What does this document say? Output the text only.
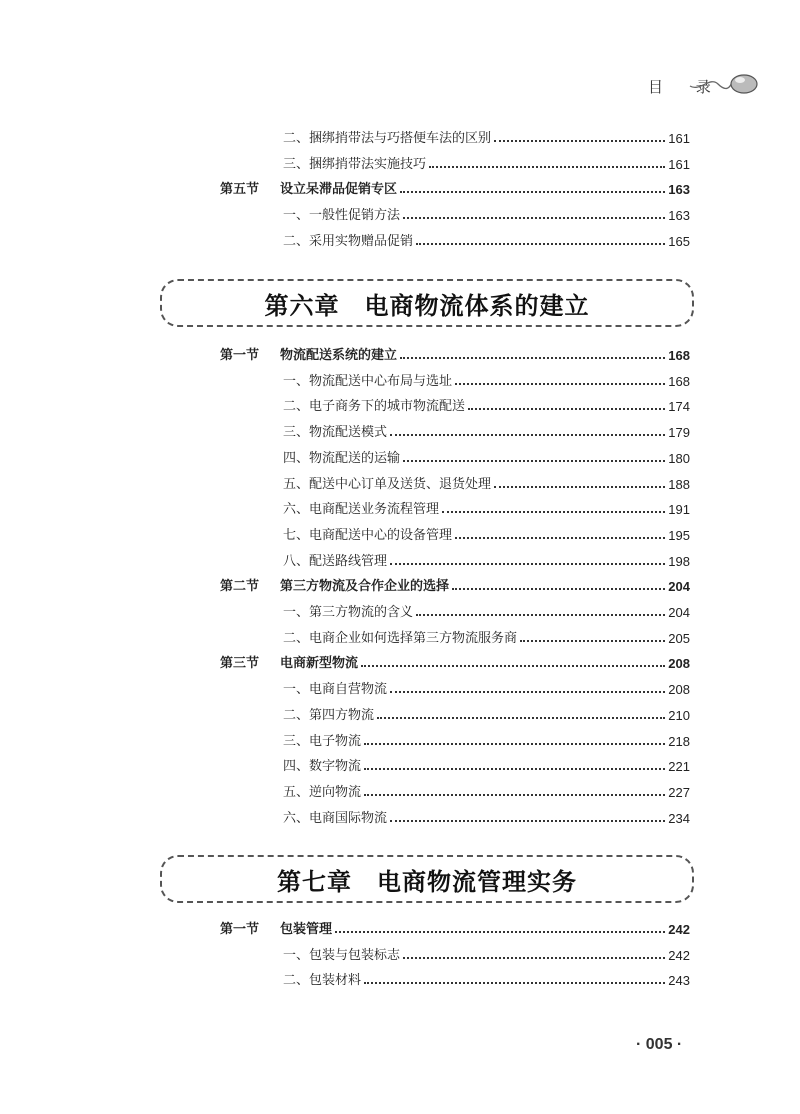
目 录
二、捆绑捎带法与巧搭便车法的区别	161
三、捆绑捎带法实施技巧	161
第五节	设立呆滞品促销专区	163
一、一般性促销方法	163
二、采用实物赠品促销	165
第六章　电商物流体系的建立
第一节	物流配送系统的建立	168
一、物流配送中心布局与选址	168
二、电子商务下的城市物流配送	174
三、物流配送模式	179
四、物流配送的运输	180
五、配送中心订单及送货、退货处理	188
六、电商配送业务流程管理	191
七、电商配送中心的设备管理	195
八、配送路线管理	198
第二节	第三方物流及合作企业的选择	204
一、第三方物流的含义	204
二、电商企业如何选择第三方物流服务商	205
第三节	电商新型物流	208
一、电商自营物流	208
二、第四方物流	210
三、电子物流	218
四、数字物流	221
五、逆向物流	227
六、电商国际物流	234
第七章　电商物流管理实务
第一节	包装管理	242
一、包装与包装标志	242
二、包装材料	243
· 005 ·
